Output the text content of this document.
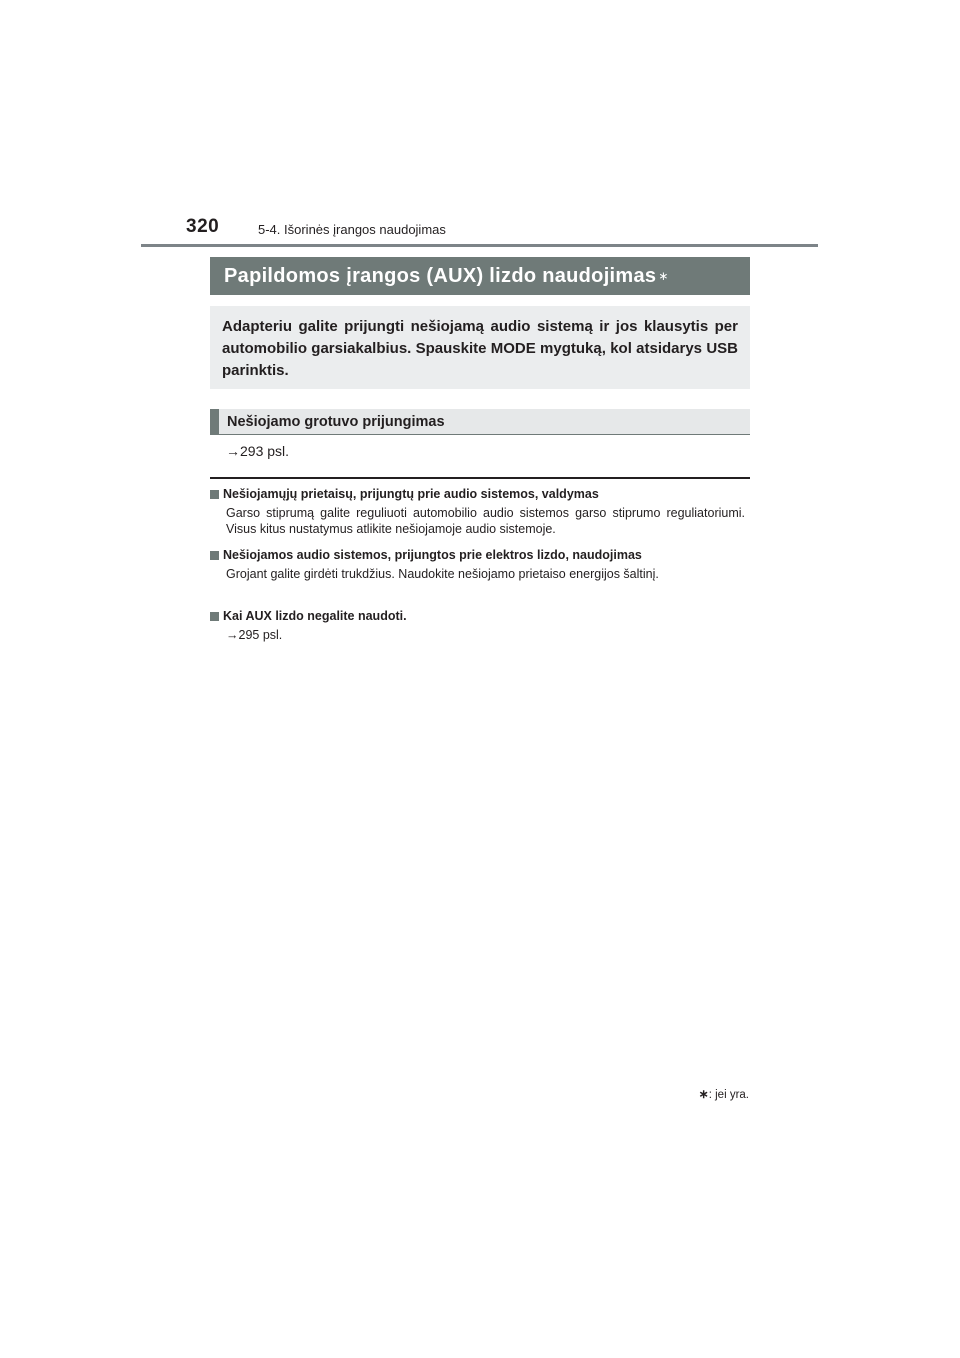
320	5-4. Išorinės įrangos naudojimas
Papildomos įrangos (AUX) lizdo naudojimas ∗

Adapteriu galite prijungti nešiojamą audio sistemą ir jos klausytis per automobilio garsiakalbius. Spauskite MODE mygtuką, kol atsidarys USB parinktis.

Nešiojamo grotuvo prijungimas
→293 psl.
Nešiojamųjų prietaisų, prijungtų prie audio sistemos, valdymas
Garso stiprumą galite reguliuoti automobilio audio sistemos garso stiprumo reguliatoriumi. Visus kitus nustatymus atlikite nešiojamoje audio sistemoje.
Nešiojamos audio sistemos, prijungtos prie elektros lizdo, naudojimas
Grojant galite girdėti trukdžius. Naudokite nešiojamo prietaiso energijos šaltinį.
Kai AUX lizdo negalite naudoti.
→295 psl.
∗: jei yra.
